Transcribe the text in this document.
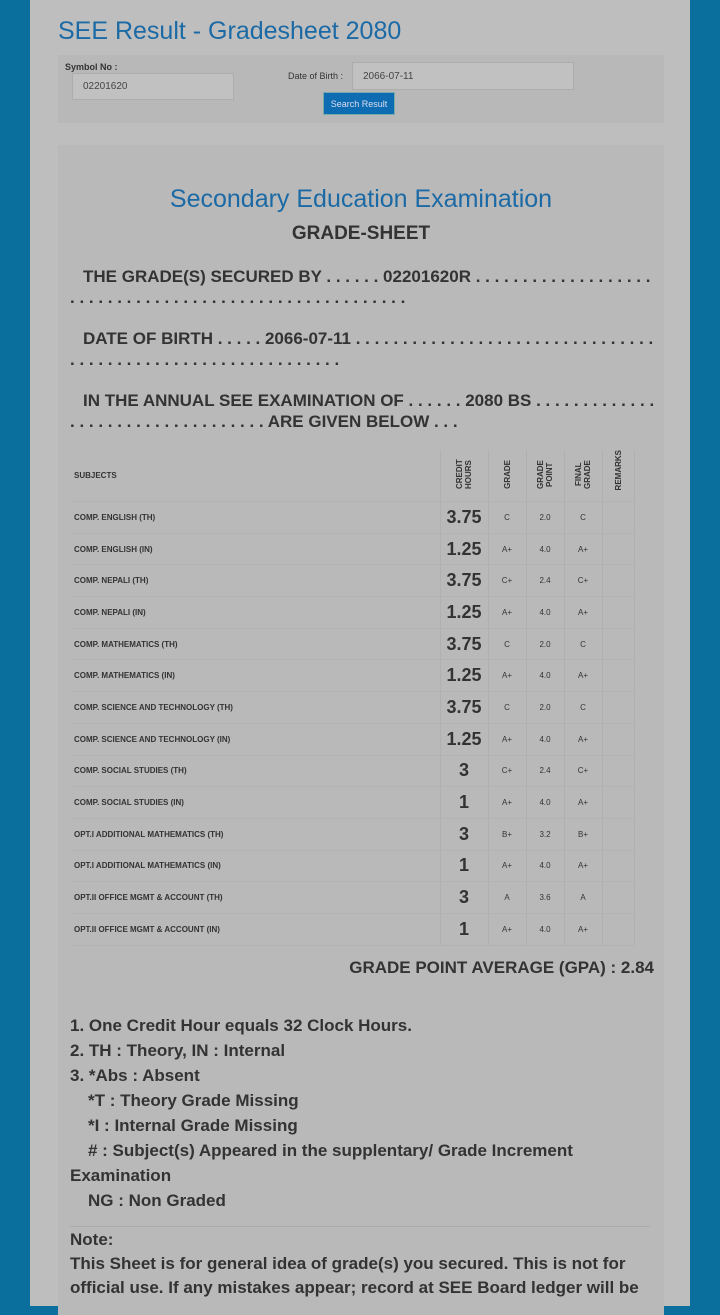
SEE Result - Gradesheet 2080
Symbol No :
02201620
Date of Birth :	2066-07-11
Search Result
Secondary Education Examination
GRADE-SHEET
THE GRADE(S) SECURED BY . . . . . . 02201620R . . . . . . . . . . . . . . . . . . . . . . . . . . . . . . . . . . . . . . . . . . . . . . . . . . . . . . .
DATE OF BIRTH . . . . . 2066-07-11 . . . . . . . . . . . . . . . . . . . . . . . . . . . . . . . . . . . . . . . . . . . . . . . . . . . . . . . . . . . . .
IN THE ANNUAL SEE EXAMINATION OF . . . . . . 2080 BS . . . . . . . . . . . . . . . . . . . . . . . . . . . . . . . . . . ARE GIVEN BELOW . . .
SUBJECTS	CREDIT HOURS	GRADE	GRADE POINT	FINAL GRADE	REMARKS
COMP. ENGLISH (TH)	3.75	C	2.0	C	
COMP. ENGLISH (IN)	1.25	A+	4.0	A+	
COMP. NEPALI (TH)	3.75	C+	2.4	C+	
COMP. NEPALI (IN)	1.25	A+	4.0	A+	
COMP. MATHEMATICS (TH)	3.75	C	2.0	C	
COMP. MATHEMATICS (IN)	1.25	A+	4.0	A+	
COMP. SCIENCE AND TECHNOLOGY (TH)	3.75	C	2.0	C	
COMP. SCIENCE AND TECHNOLOGY (IN)	1.25	A+	4.0	A+	
COMP. SOCIAL STUDIES (TH)	3	C+	2.4	C+	
COMP. SOCIAL STUDIES (IN)	1	A+	4.0	A+	
OPT.I ADDITIONAL MATHEMATICS (TH)	3	B+	3.2	B+	
OPT.I ADDITIONAL MATHEMATICS (IN)	1	A+	4.0	A+	
OPT.II OFFICE MGMT & ACCOUNT (TH)	3	A	3.6	A	
OPT.II OFFICE MGMT & ACCOUNT (IN)	1	A+	4.0	A+	
GRADE POINT AVERAGE (GPA) : 2.84
1. One Credit Hour equals 32 Clock Hours.
2. TH : Theory, IN : Internal
3. *Abs : Absent
*T : Theory Grade Missing
*I : Internal Grade Missing
# : Subject(s) Appeared in the supplentary/ Grade Increment
Examination
NG : Non Graded
Note:
This Sheet is for general idea of grade(s) you secured. This is not for official use. If any mistakes appear; record at SEE Board ledger will be
